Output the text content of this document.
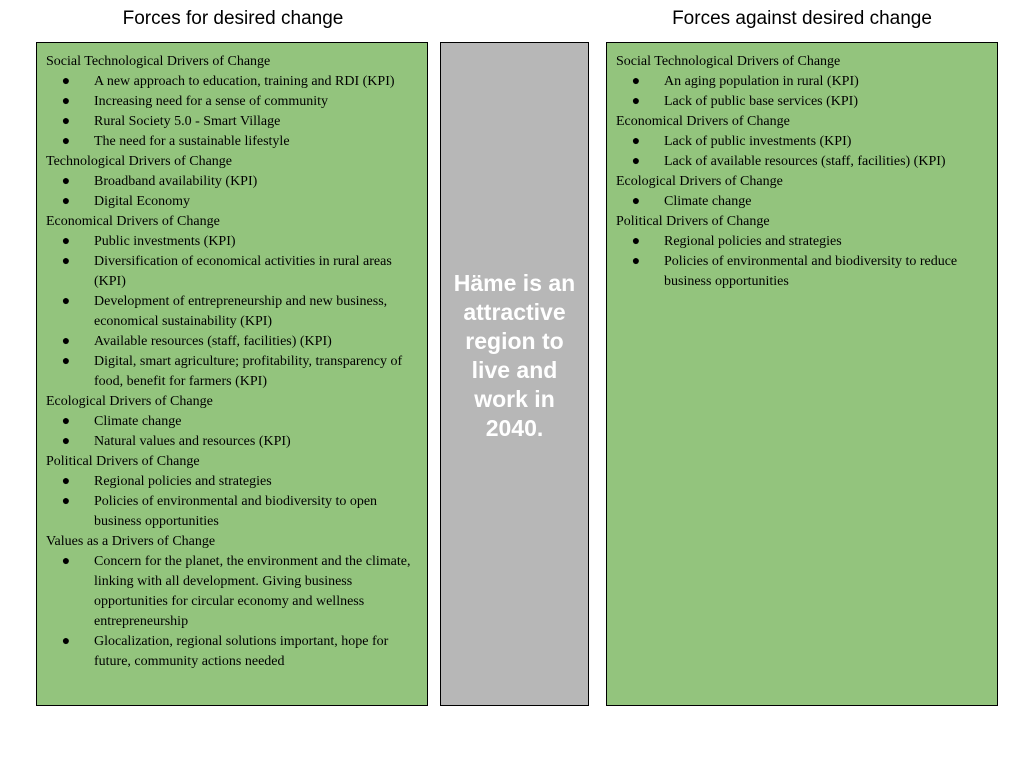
Forces for desired change	Forces against desired change
Social Technological Drivers of Change
● A new approach to education, training and RDI (KPI)
● Increasing need for a sense of community
● Rural Society 5.0 - Smart Village
● The need for a sustainable lifestyle
Technological Drivers of Change
● Broadband availability (KPI)
● Digital Economy
Economical Drivers of Change
● Public investments (KPI)
● Diversification of economical activities in rural areas (KPI)
● Development of entrepreneurship and new business, economical sustainability (KPI)
● Available resources (staff, facilities) (KPI)
● Digital, smart agriculture; profitability, transparency of food, benefit for farmers (KPI)
Ecological Drivers of Change
● Climate change
● Natural values and resources (KPI)
Political Drivers of Change
● Regional policies and strategies
● Policies of environmental and biodiversity to open business opportunities
Values as a Drivers of Change
● Concern for the planet, the environment and the climate, linking with all development. Giving business opportunities for circular economy and wellness entrepreneurship
● Glocalization, regional solutions important, hope for future, community actions needed
Häme is an attractive region to live and work in 2040.
Social Technological Drivers of Change
● An aging population in rural (KPI)
● Lack of public base services (KPI)
Economical Drivers of Change
● Lack of public investments (KPI)
● Lack of available resources (staff, facilities) (KPI)
Ecological Drivers of Change
● Climate change
Political Drivers of Change
● Regional policies and strategies
● Policies of environmental and biodiversity to reduce business opportunities
